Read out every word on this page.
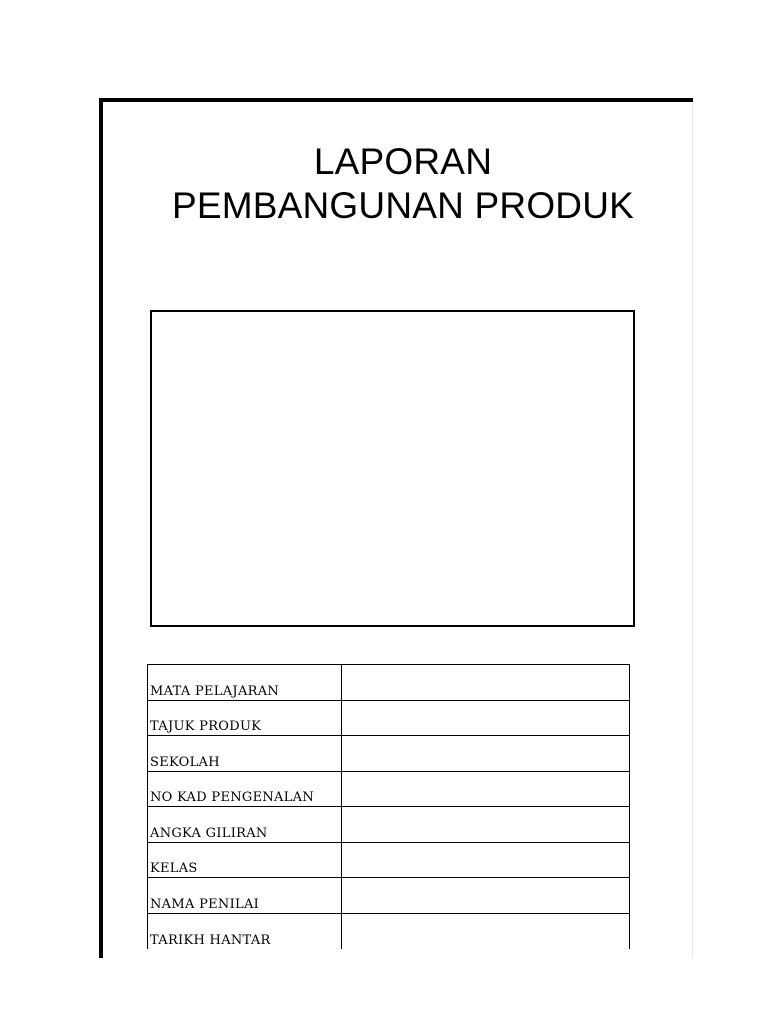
LAPORAN
PEMBANGUNAN PRODUK
MATA PELAJARAN	
TAJUK PRODUK	
SEKOLAH	
NO KAD PENGENALAN	
ANGKA GILIRAN	
KELAS	
NAMA PENILAI	
TARIKH HANTAR	
